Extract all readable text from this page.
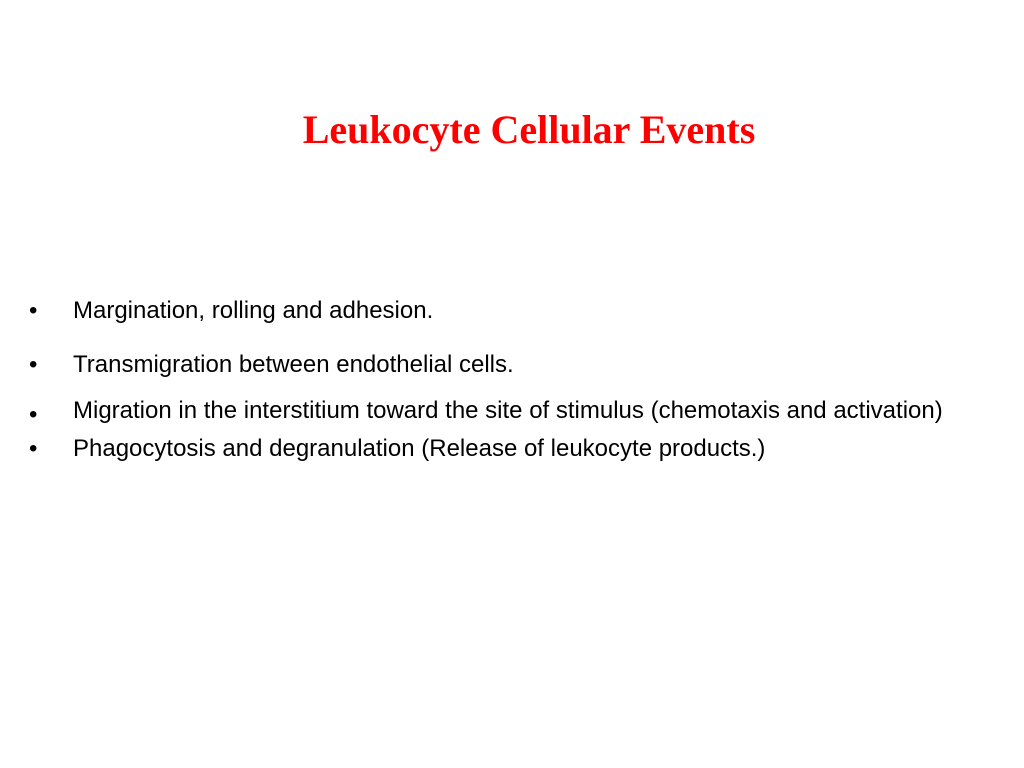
Leukocyte Cellular Events
•	Margination, rolling and adhesion.
•	Transmigration between endothelial cells.
•	Migration in the interstitium toward the site of stimulus (chemotaxis and activation)
•	Phagocytosis and degranulation (Release of leukocyte products.)
